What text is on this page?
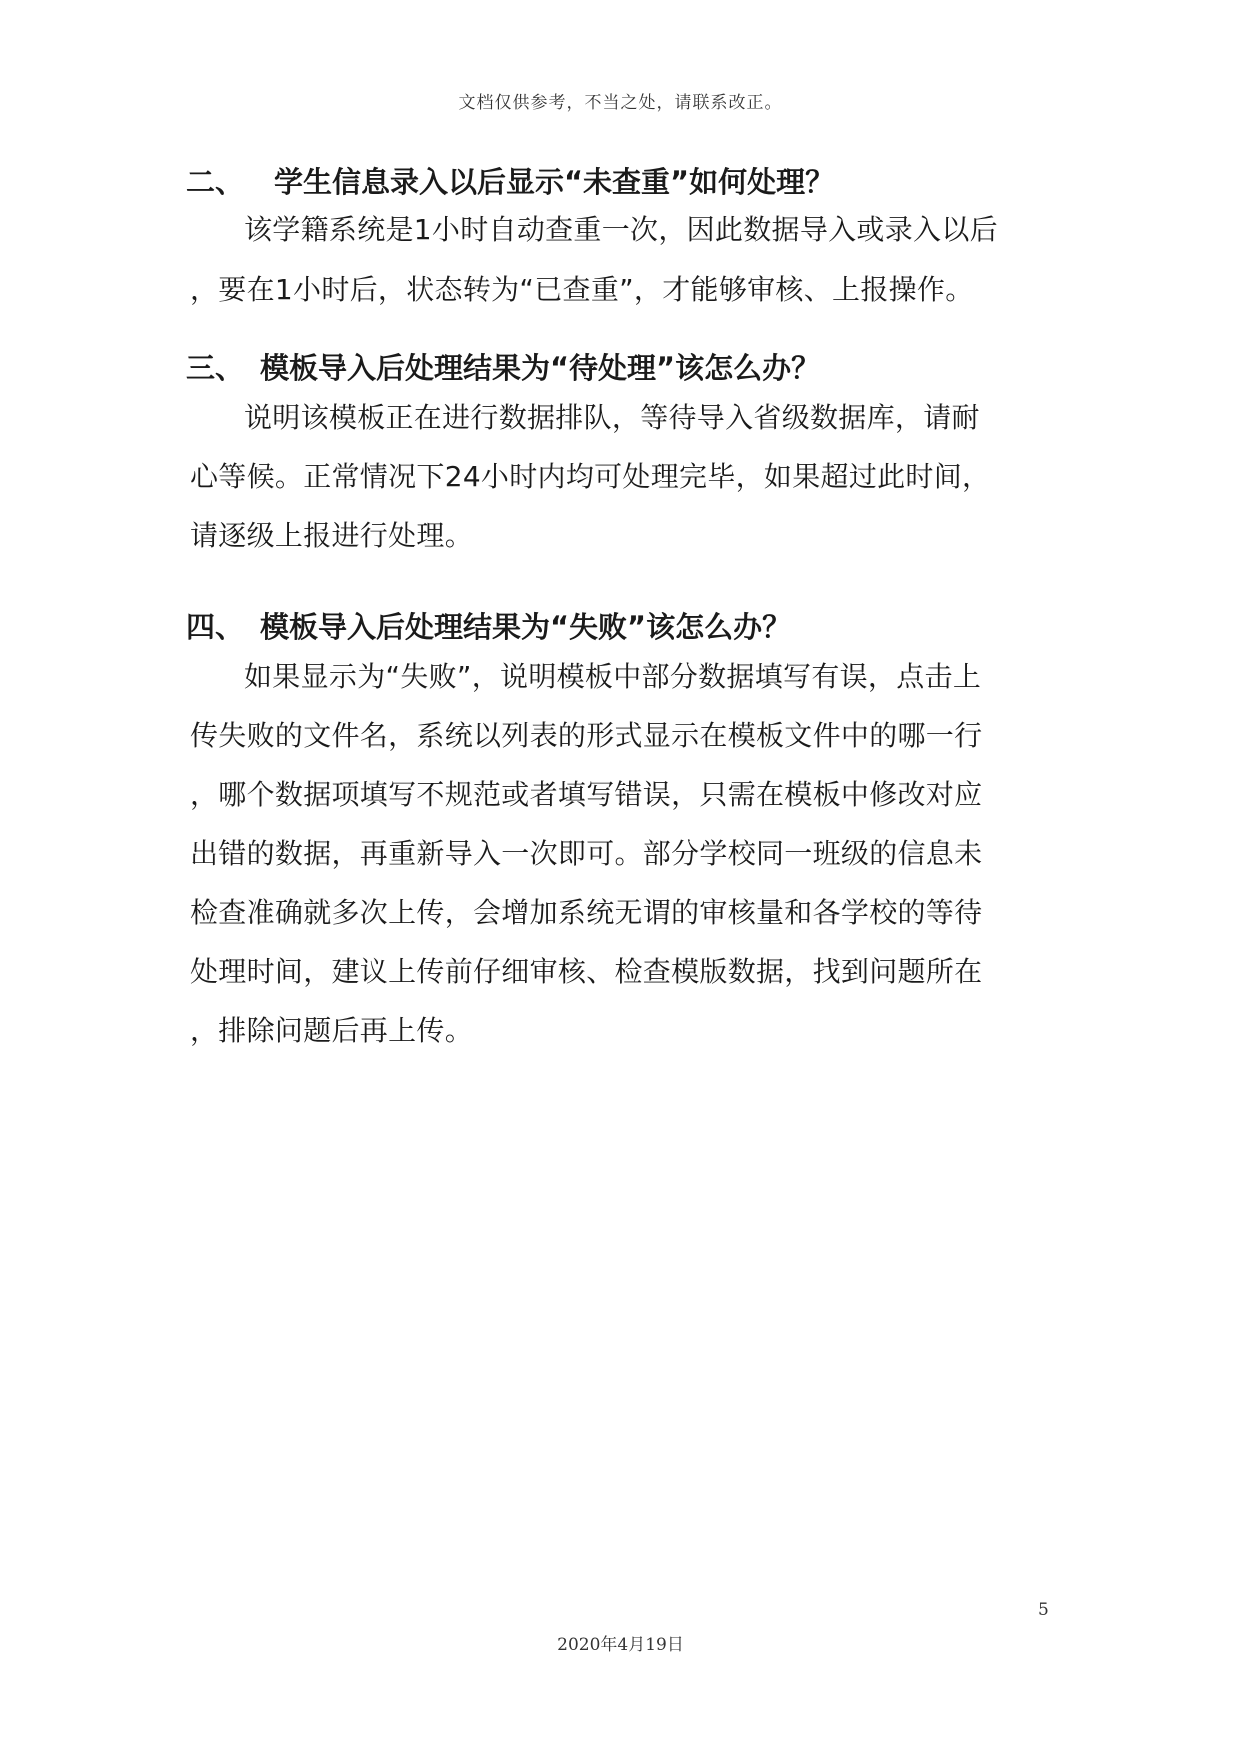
文档仅供参考，不当之处，请联系改正。
二、 学生信息录入以后显示“未查重”如何处理？
该学籍系统是1小时自动查重一次，因此数据导入或录入以后
，要在1小时后，状态转为“已查重”，才能够审核、上报操作。
三、 模板导入后处理结果为“待处理”该怎么办？
说明该模板正在进行数据排队，等待导入省级数据库，请耐
心等候。正常情况下24小时内均可处理完毕，如果超过此时间，
请逐级上报进行处理。
四、 模板导入后处理结果为“失败”该怎么办？
如果显示为“失败”，说明模板中部分数据填写有误，点击上
传失败的文件名，系统以列表的形式显示在模板文件中的哪一行
，哪个数据项填写不规范或者填写错误，只需在模板中修改对应
出错的数据，再重新导入一次即可。部分学校同一班级的信息未
检查准确就多次上传，会增加系统无谓的审核量和各学校的等待
处理时间，建议上传前仔细审核、检查模版数据，找到问题所在
，排除问题后再上传。
5
2020年4月19日
